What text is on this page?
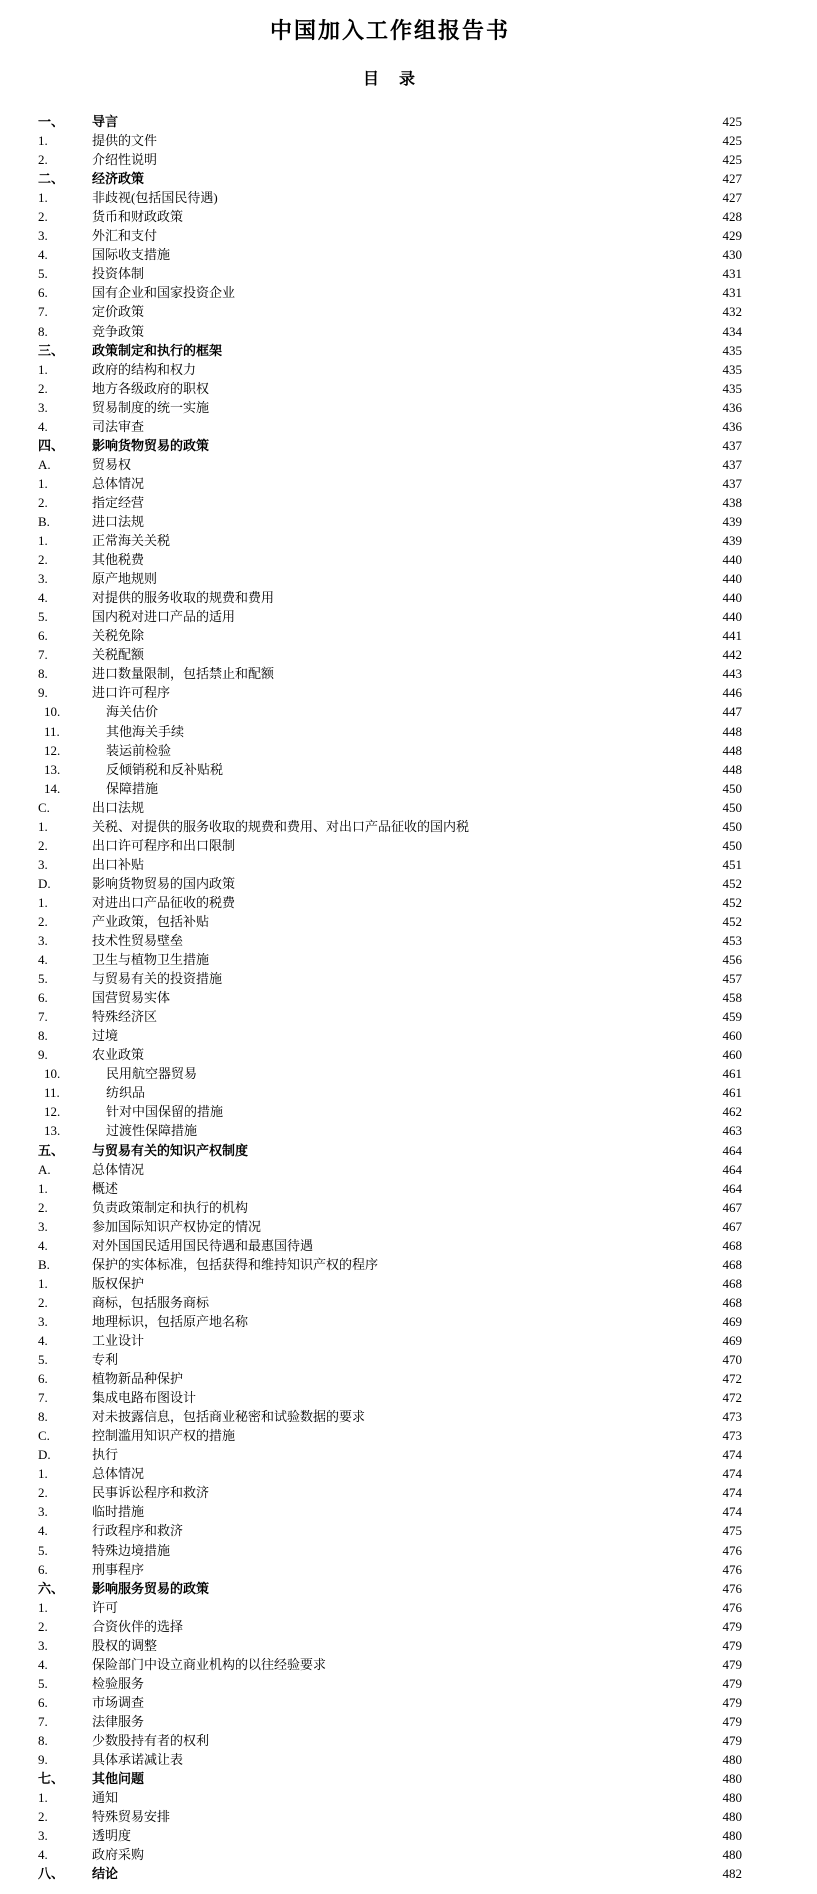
中国加入工作组报告书
目　录
一、	导言	425
1.	提供的文件	425
2.	介绍性说明	425
二、	经济政策	427
1.	非歧视(包括国民待遇)	427
2.	货币和财政政策	428
3.	外汇和支付	429
4.	国际收支措施	430
5.	投资体制	431
6.	国有企业和国家投资企业	431
7.	定价政策	432
8.	竞争政策	434
三、	政策制定和执行的框架	435
1.	政府的结构和权力	435
2.	地方各级政府的职权	435
3.	贸易制度的统一实施	436
4.	司法审查	436
四、	影响货物贸易的政策	437
A.	贸易权	437
1.	总体情况	437
2.	指定经营	438
B.	进口法规	439
1.	正常海关关税	439
2.	其他税费	440
3.	原产地规则	440
4.	对提供的服务收取的规费和费用	440
5.	国内税对进口产品的适用	440
6.	关税免除	441
7.	关税配额	442
8.	进口数量限制，包括禁止和配额	443
9.	进口许可程序	446
10.	海关估价	447
11.	其他海关手续	448
12.	装运前检验	448
13.	反倾销税和反补贴税	448
14.	保障措施	450
C.	出口法规	450
1.	关税、对提供的服务收取的规费和费用、对出口产品征收的国内税	450
2.	出口许可程序和出口限制	450
3.	出口补贴	451
D.	影响货物贸易的国内政策	452
1.	对进出口产品征收的税费	452
2.	产业政策，包括补贴	452
3.	技术性贸易壁垒	453
4.	卫生与植物卫生措施	456
5.	与贸易有关的投资措施	457
6.	国营贸易实体	458
7.	特殊经济区	459
8.	过境	460
9.	农业政策	460
10.	民用航空器贸易	461
11.	纺织品	461
12.	针对中国保留的措施	462
13.	过渡性保障措施	463
五、	与贸易有关的知识产权制度	464
A.	总体情况	464
1.	概述	464
2.	负责政策制定和执行的机构	467
3.	参加国际知识产权协定的情况	467
4.	对外国国民适用国民待遇和最惠国待遇	468
B.	保护的实体标准，包括获得和维持知识产权的程序	468
1.	版权保护	468
2.	商标，包括服务商标	468
3.	地理标识，包括原产地名称	469
4.	工业设计	469
5.	专利	470
6.	植物新品种保护	472
7.	集成电路布图设计	472
8.	对未披露信息，包括商业秘密和试验数据的要求	473
C.	控制滥用知识产权的措施	473
D.	执行	474
1.	总体情况	474
2.	民事诉讼程序和救济	474
3.	临时措施	474
4.	行政程序和救济	475
5.	特殊边境措施	476
6.	刑事程序	476
六、	影响服务贸易的政策	476
1.	许可	476
2.	合资伙伴的选择	479
3.	股权的调整	479
4.	保险部门中设立商业机构的以往经验要求	479
5.	检验服务	479
6.	市场调查	479
7.	法律服务	479
8.	少数股持有者的权利	479
9.	具体承诺减让表	480
七、	其他问题	480
1.	通知	480
2.	特殊贸易安排	480
3.	透明度	480
4.	政府采购	480
八、	结论	482
